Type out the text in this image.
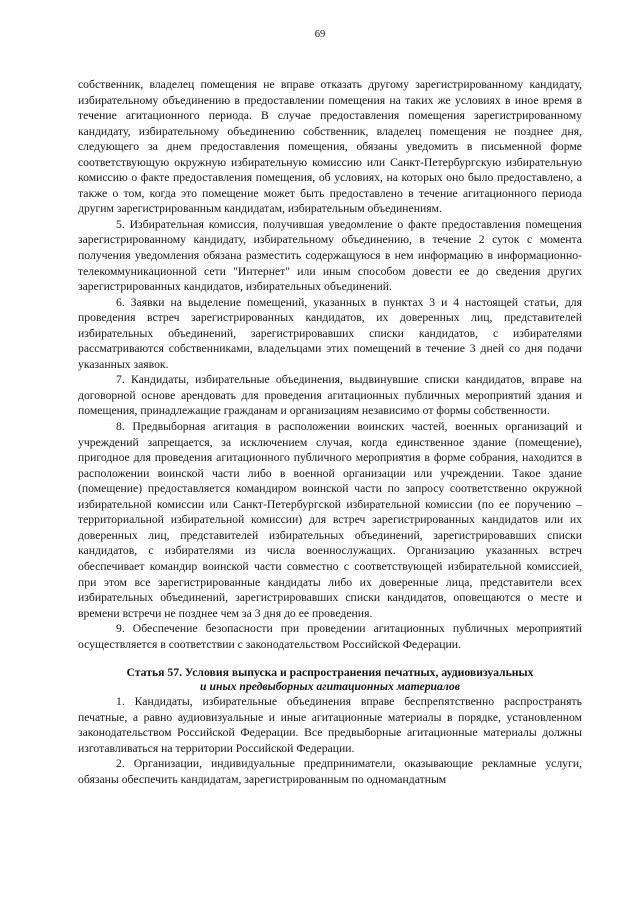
69

собственник, владелец помещения не вправе отказать другому зарегистрированному кандидату, избирательному объединению в предоставлении помещения на таких же условиях в иное время в течение агитационного периода. В случае предоставления помещения зарегистрированному кандидату, избирательному объединению собственник, владелец помещения не позднее дня, следующего за днем предоставления помещения, обязаны уведомить в письменной форме соответствующую окружную избирательную комиссию или Санкт-Петербургскую избирательную комиссию о факте предоставления помещения, об условиях, на которых оно было предоставлено, а также о том, когда это помещение может быть предоставлено в течение агитационного периода другим зарегистрированным кандидатам, избирательным объединениям.

5. Избирательная комиссия, получившая уведомление о факте предоставления помещения зарегистрированному кандидату, избирательному объединению, в течение 2 суток с момента получения уведомления обязана разместить содержащуюся в нем информацию в информационно-телекоммуникационной сети "Интернет" или иным способом довести ее до сведения других зарегистрированных кандидатов, избирательных объединений.

6. Заявки на выделение помещений, указанных в пунктах 3 и 4 настоящей статьи, для проведения встреч зарегистрированных кандидатов, их доверенных лиц, представителей избирательных объединений, зарегистрировавших списки кандидатов, с избирателями рассматриваются собственниками, владельцами этих помещений в течение 3 дней со дня подачи указанных заявок.

7. Кандидаты, избирательные объединения, выдвинувшие списки кандидатов, вправе на договорной основе арендовать для проведения агитационных публичных мероприятий здания и помещения, принадлежащие гражданам и организациям независимо от формы собственности.

8. Предвыборная агитация в расположении воинских частей, военных организаций и учреждений запрещается, за исключением случая, когда единственное здание (помещение), пригодное для проведения агитационного публичного мероприятия в форме собрания, находится в расположении воинской части либо в военной организации или учреждении. Такое здание (помещение) предоставляется командиром воинской части по запросу соответственно окружной избирательной комиссии или Санкт-Петербургской избирательной комиссии (по ее поручению – территориальной избирательной комиссии) для встреч зарегистрированных кандидатов или их доверенных лиц, представителей избирательных объединений, зарегистрировавших списки кандидатов, с избирателями из числа военнослужащих. Организацию указанных встреч обеспечивает командир воинской части совместно с соответствующей избирательной комиссией, при этом все зарегистрированные кандидаты либо их доверенные лица, представители всех избирательных объединений, зарегистрировавших списки кандидатов, оповещаются о месте и времени встречи не позднее чем за 3 дня до ее проведения.

9. Обеспечение безопасности при проведении агитационных публичных мероприятий осуществляется в соответствии с законодательством Российской Федерации.

Статья 57. Условия выпуска и распространения печатных, аудиовизуальных
и иных предвыборных агитационных материалов

1. Кандидаты, избирательные объединения вправе беспрепятственно распространять печатные, а равно аудиовизуальные и иные агитационные материалы в порядке, установленном законодательством Российской Федерации. Все предвыборные агитационные материалы должны изготавливаться на территории Российской Федерации.

2. Организации, индивидуальные предприниматели, оказывающие рекламные услуги, обязаны обеспечить кандидатам, зарегистрированным по одномандатным
